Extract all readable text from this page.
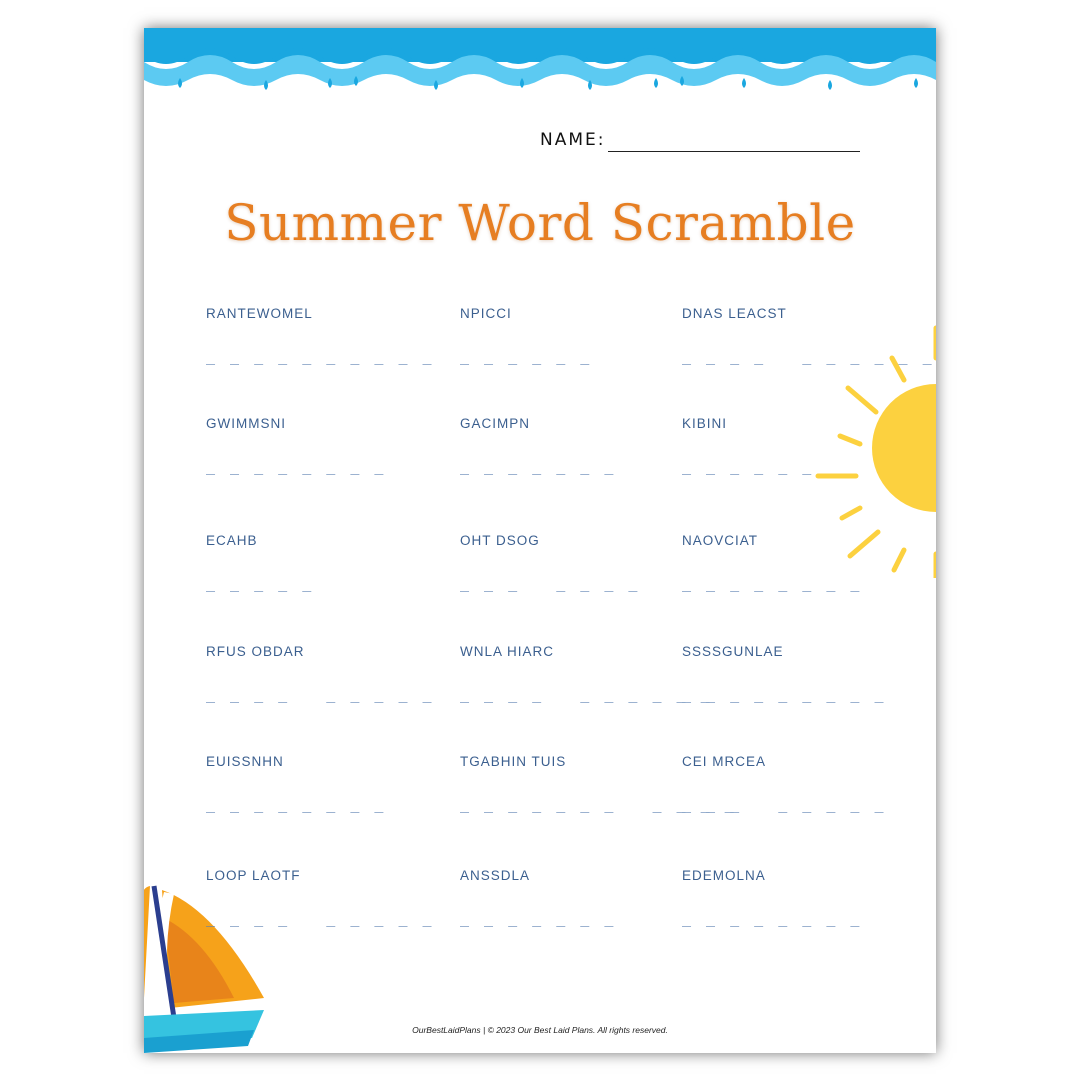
NAME:
Summer Word Scramble
RANTEWOMEL
_ _ _ _ _ _ _ _ _ _
NPICCI
_ _ _ _ _ _
DNAS LEACST
_ _ _ _   _ _ _ _ _ _
GWIMMSNI
_ _ _ _ _ _ _ _
GACIMPN
_ _ _ _ _ _ _
KIBINI
_ _ _ _ _ _
ECAHB
_ _ _ _ _
OHT DSOG
_ _ _   _ _ _ _
NAOVCIAT
_ _ _ _ _ _ _ _
RFUS OBDAR
_ _ _ _   _ _ _ _ _
WNLA HIARC
_ _ _ _   _ _ _ _ _ _
SSSSGUNLAE
_ _ _ _ _ _ _ _ _
EUISSNHN
_ _ _ _ _ _ _ _
TGABHIN TUIS
_ _ _ _ _ _ _   _ _ _ _
CEI MRCEA
_ _ _   _ _ _ _ _
LOOP LAOTF
_ _ _ _   _ _ _ _ _
ANSSDLA
_ _ _ _ _ _ _
EDEMOLNA
_ _ _ _ _ _ _ _
OurBestLaidPlans | © 2023 Our Best Laid Plans. All rights reserved.
